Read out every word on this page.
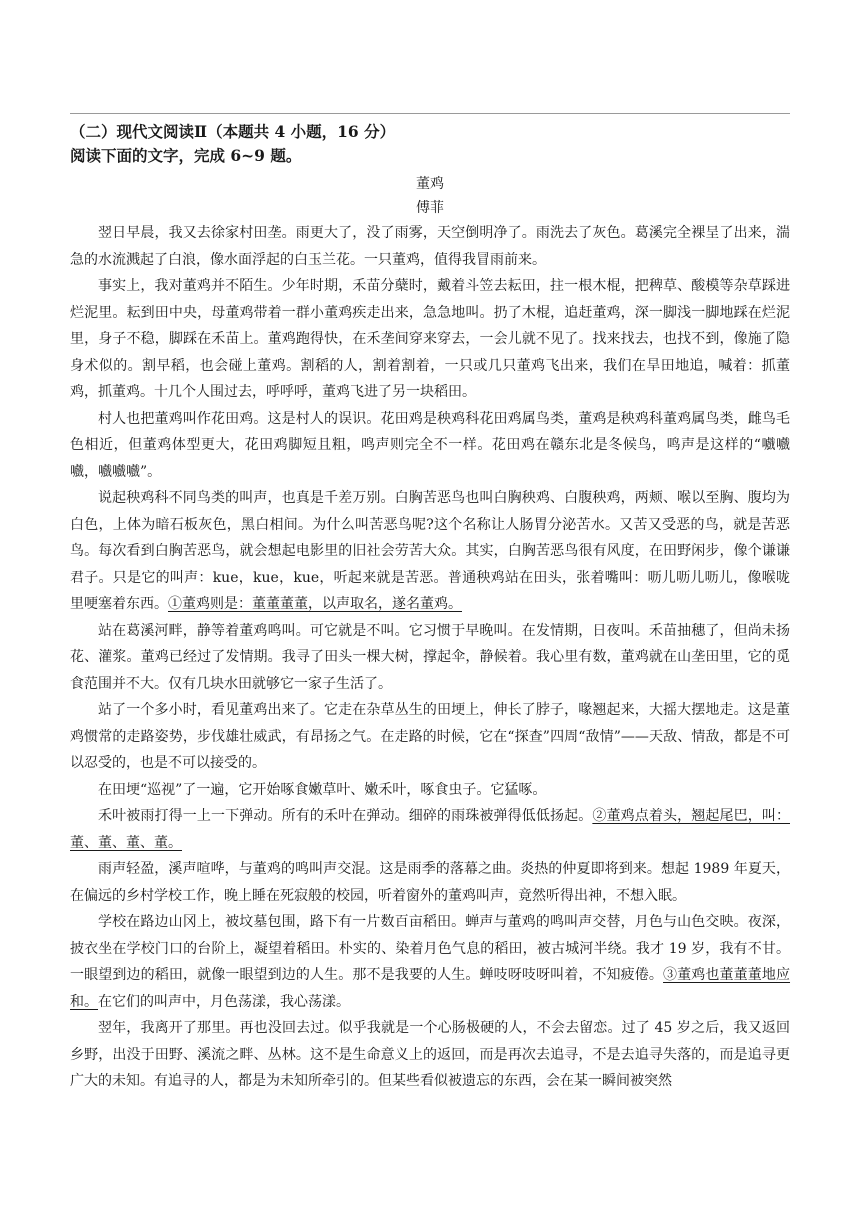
（二）现代文阅读Ⅱ（本题共 4 小题，16 分）

阅读下面的文字，完成 6~9 题。

董鸡

傅菲

翌日早晨，我又去徐家村田垄。雨更大了，没了雨雾，天空倒明净了。雨洗去了灰色。葛溪完全裸呈了出来，湍急的水流溅起了白浪，像水面浮起的白玉兰花。一只董鸡，值得我冒雨前来。

事实上，我对董鸡并不陌生。少年时期，禾苗分蘖时，戴着斗笠去耘田，拄一根木棍，把稗草、酸模等杂草踩进烂泥里。耘到田中央，母董鸡带着一群小董鸡疾走出来，急急地叫。扔了木棍，追赶董鸡，深一脚浅一脚地踩在烂泥里，身子不稳，脚踩在禾苗上。董鸡跑得快，在禾垄间穿来穿去，一会儿就不见了。找来找去，也找不到，像施了隐身术似的。割早稻，也会碰上董鸡。割稻的人，割着割着，一只或几只董鸡飞出来，我们在旱田地追，喊着：抓董鸡，抓董鸡。十几个人围过去，呼呼呼，董鸡飞进了另一块稻田。

村人也把董鸡叫作花田鸡。这是村人的误识。花田鸡是秧鸡科花田鸡属鸟类，董鸡是秧鸡科董鸡属鸟类，雌鸟毛色相近，但董鸡体型更大，花田鸡脚短且粗，鸣声则完全不一样。花田鸡在赣东北是冬候鸟，鸣声是这样的“嚱嚱嚱，嚱嚱嚱”。

说起秧鸡科不同鸟类的叫声，也真是千差万别。白胸苦恶鸟也叫白胸秧鸡、白腹秧鸡，两颊、喉以至胸、腹均为白色，上体为暗石板灰色，黑白相间。为什么叫苦恶鸟呢?这个名称让人肠胃分泌苦水。又苦又受恶的鸟，就是苦恶鸟。每次看到白胸苦恶鸟，就会想起电影里的旧社会劳苦大众。其实，白胸苦恶鸟很有风度，在田野闲步，像个谦谦君子。只是它的叫声：kue，kue，kue，听起来就是苦恶。普通秧鸡站在田头，张着嘴叫：呖儿呖儿呖儿，像喉咙里哽塞着东西。①董鸡则是：董董董董，以声取名，遂名董鸡。

站在葛溪河畔，静等着董鸡鸣叫。可它就是不叫。它习惯于早晚叫。在发情期，日夜叫。禾苗抽穗了，但尚未扬花、灌浆。董鸡已经过了发情期。我寻了田头一棵大树，撑起伞，静候着。我心里有数，董鸡就在山垄田里，它的觅食范围并不大。仅有几块水田就够它一家子生活了。

站了一个多小时，看见董鸡出来了。它走在杂草丛生的田埂上，伸长了脖子，喙翘起来，大摇大摆地走。这是董鸡惯常的走路姿势，步伐雄壮威武，有昂扬之气。在走路的时候，它在“探查”四周“敌情”——天敌、情敌，都是不可以忍受的，也是不可以接受的。

在田埂“巡视”了一遍，它开始啄食嫩草叶、嫩禾叶，啄食虫子。它猛啄。

禾叶被雨打得一上一下弹动。所有的禾叶在弹动。细碎的雨珠被弹得低低扬起。②董鸡点着头，翘起尾巴，叫：董、董、董、董。

雨声轻盈，溪声喧哗，与董鸡的鸣叫声交混。这是雨季的落幕之曲。炎热的仲夏即将到来。想起 1989 年夏天，在偏远的乡村学校工作，晚上睡在死寂般的校园，听着窗外的董鸡叫声，竟然听得出神，不想入眠。

学校在路边山冈上，被坟墓包围，路下有一片数百亩稻田。蝉声与董鸡的鸣叫声交替，月色与山色交映。夜深，披衣坐在学校门口的台阶上，凝望着稻田。朴实的、染着月色气息的稻田，被古城河半绕。我才 19 岁，我有不甘。一眼望到边的稻田，就像一眼望到边的人生。那不是我要的人生。蝉吱呀吱呀叫着，不知疲倦。③董鸡也董董董地应和。在它们的叫声中，月色荡漾，我心荡漾。

翌年，我离开了那里。再也没回去过。似乎我就是一个心肠极硬的人，不会去留恋。过了 45 岁之后，我又返回乡野，出没于田野、溪流之畔、丛林。这不是生命意义上的返回，而是再次去追寻，不是去追寻失落的，而是追寻更广大的未知。有追寻的人，都是为未知所牵引的。但某些看似被遗忘的东西，会在某一瞬间被突然
